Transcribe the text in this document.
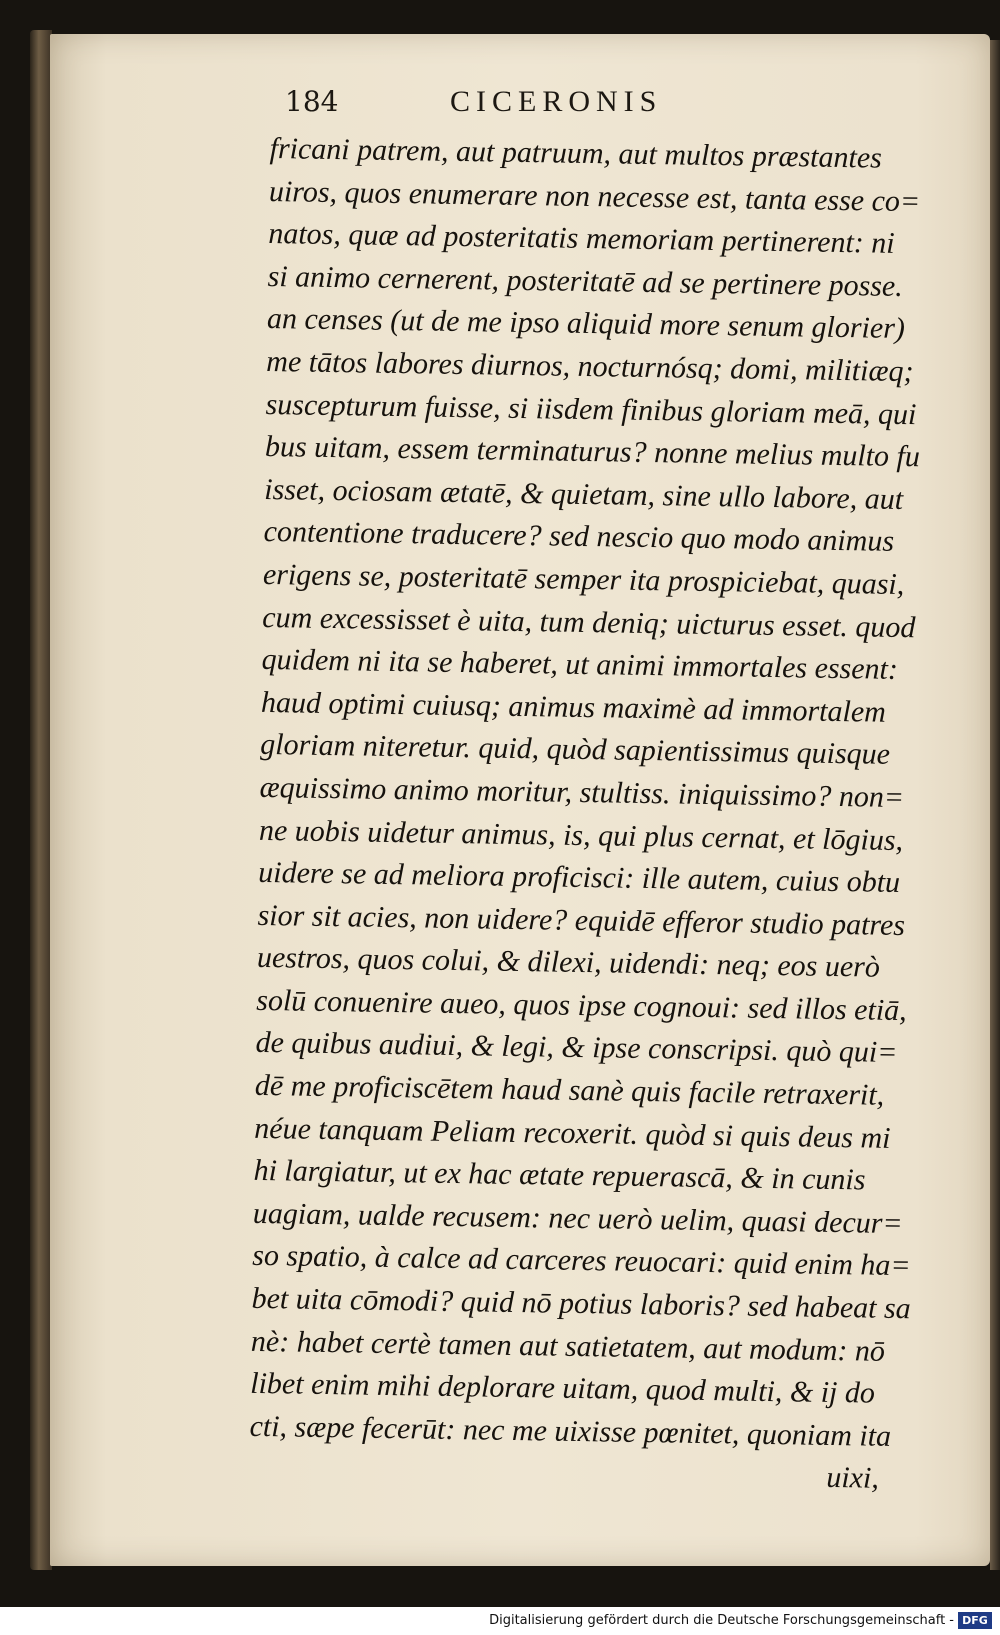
184	CICERONIS
fricani patrem, aut patruum, aut multos præstantes
uiros, quos enumerare non necesse est, tanta esse co=
natos, quæ ad posteritatis memoriam pertinerent: ni
si animo cernerent, posteritatē ad se pertinere posse.
an censes (ut de me ipso aliquid more senum glorier)
me tātos labores diurnos, nocturnósq; domi, militiæq;
suscepturum fuisse, si iisdem finibus gloriam meā, qui
bus uitam, essem terminaturus? nonne melius multo fu
isset, ociosam ætatē, & quietam, sine ullo labore, aut
contentione traducere? sed nescio quo modo animus
erigens se, posteritatē semper ita prospiciebat, quasi,
cum excessisset è uita, tum deniq; uicturus esset. quod
quidem ni ita se haberet, ut animi immortales essent:
haud optimi cuiusq; animus maximè ad immortalem
gloriam niteretur. quid, quòd sapientissimus quisque
æquissimo animo moritur, stultiss. iniquissimo? non=
ne uobis uidetur animus, is, qui plus cernat, et lōgius,
uidere se ad meliora proficisci: ille autem, cuius obtu
sior sit acies, non uidere? equidē efferor studio patres
uestros, quos colui, & dilexi, uidendi: neq; eos uerò
solū conuenire aueo, quos ipse cognoui: sed illos etiā,
de quibus audiui, & legi, & ipse conscripsi. quò qui=
dē me proficiscētem haud sanè quis facile retraxerit,
néue tanquam Peliam recoxerit. quòd si quis deus mi
hi largiatur, ut ex hac ætate repuerascā, & in cunis
uagiam, ualde recusem: nec uerò uelim, quasi decur=
so spatio, à calce ad carceres reuocari: quid enim ha=
bet uita cōmodi? quid nō potius laboris? sed habeat sa
nè: habet certè tamen aut satietatem, aut modum: nō
libet enim mihi deplorare uitam, quod multi, & ij do
cti, sæpe fecerūt: nec me uixisse pœnitet, quoniam ita
uixi,
Digitalisierung gefördert durch die Deutsche Forschungsgemeinschaft - DFG
